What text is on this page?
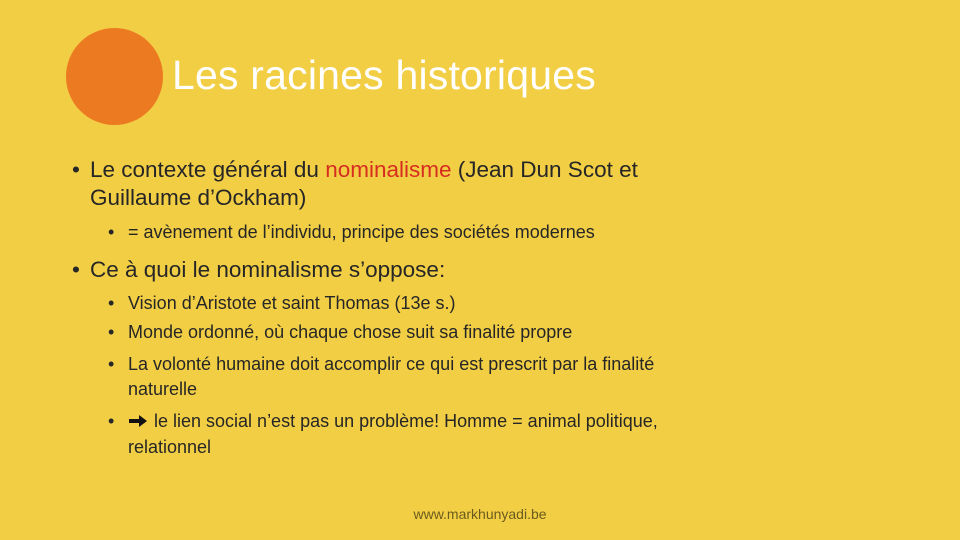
Les racines historiques
• Le contexte général du nominalisme (Jean Dun Scot et
Guillaume d’Ockham)
• = avènement de l’individu, principe des sociétés modernes
• Ce à quoi le nominalisme s’oppose:
• Vision d’Aristote et saint Thomas (13e s.)
• Monde ordonné, où chaque chose suit sa finalité propre
• La volonté humaine doit accomplir ce qui est prescrit par la finalité
naturelle
• le lien social n’est pas un problème! Homme = animal politique,
relationnel
www.markhunyadi.be
